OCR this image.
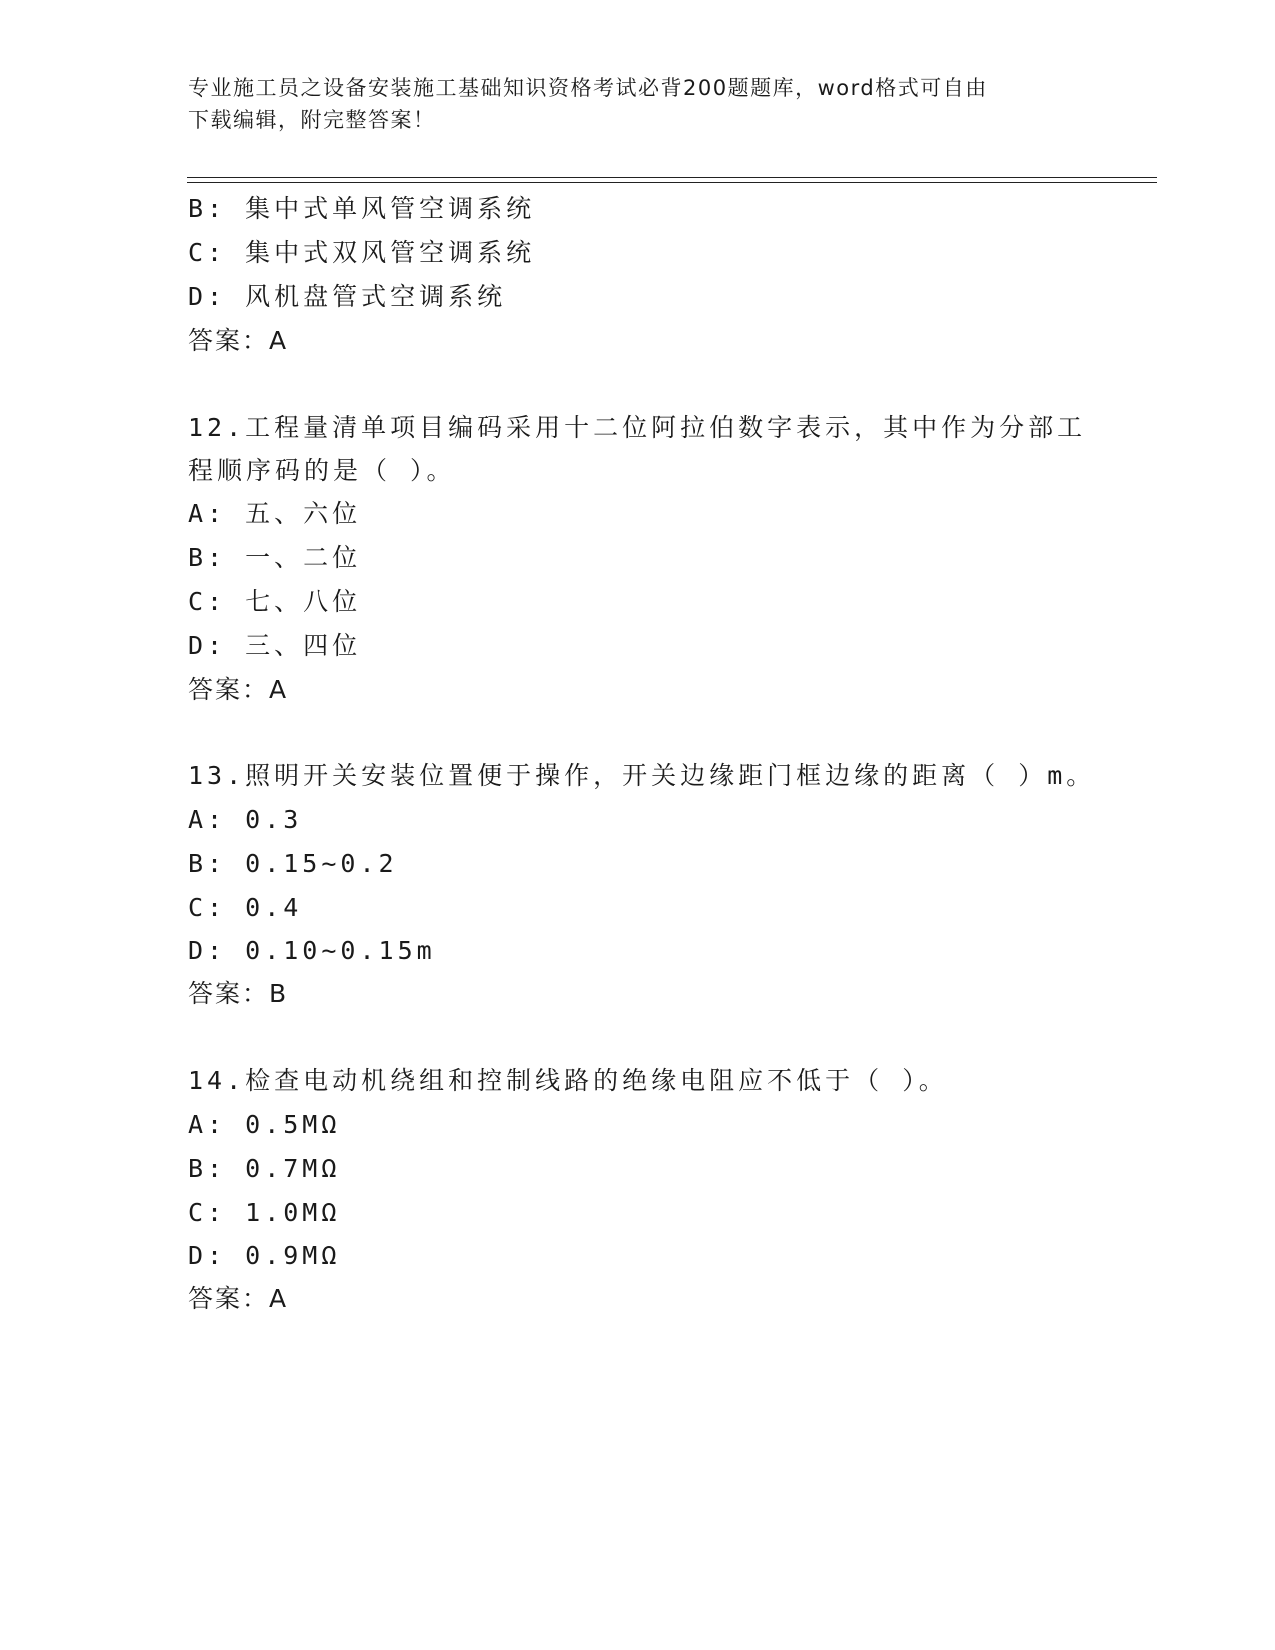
专业施工员之设备安装施工基础知识资格考试必背200题题库，word格式可自由
下载编辑，附完整答案！
B: 集中式单风管空调系统
C: 集中式双风管空调系统
D: 风机盘管式空调系统
答案：A
12.工程量清单项目编码采用十二位阿拉伯数字表示，其中作为分部工
程顺序码的是（ ）。
A: 五、六位
B: 一、二位
C: 七、八位
D: 三、四位
答案：A
13.照明开关安装位置便于操作，开关边缘距门框边缘的距离（ ）m。
A: 0.3
B: 0.15~0.2
C: 0.4
D: 0.10~0.15m
答案：B
14.检查电动机绕组和控制线路的绝缘电阻应不低于（ ）。
A: 0.5MΩ
B: 0.7MΩ
C: 1.0MΩ
D: 0.9MΩ
答案：A
